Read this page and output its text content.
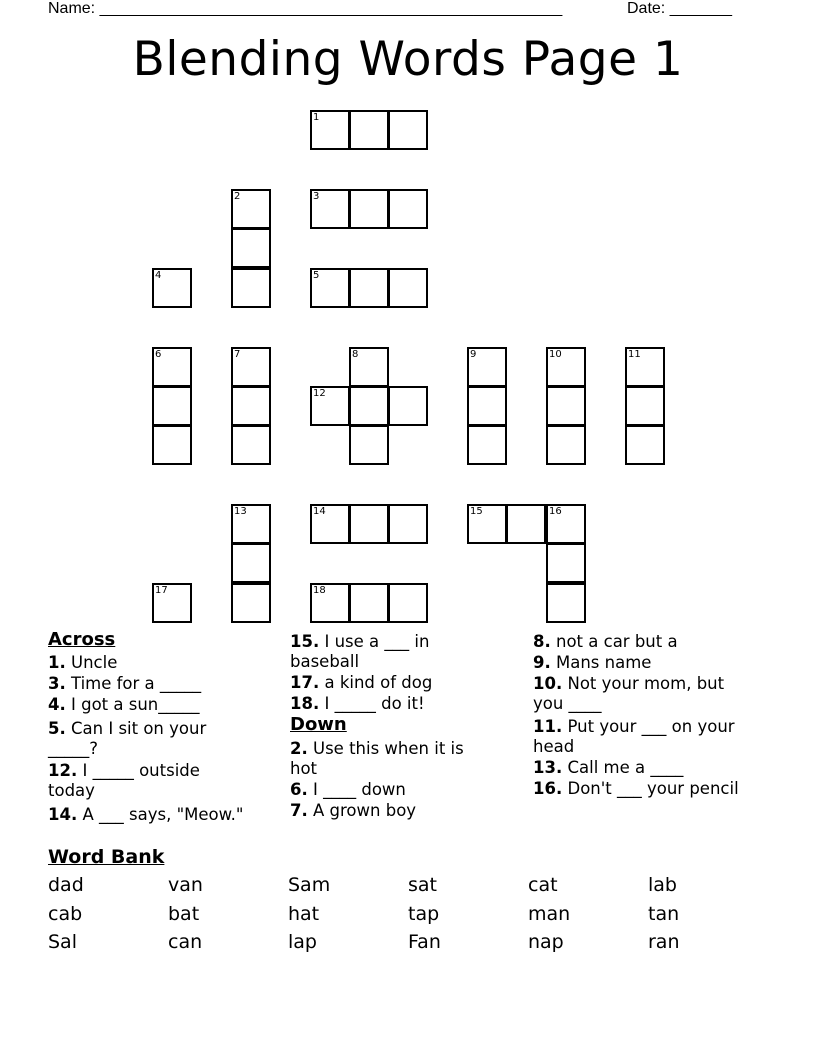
Name: ____________________________________________________	Date: _______
Blending Words Page 1
1
2	3
4	5
6	7	8	9	10	11
12
13	14	15	16
17	18
Across
1. Uncle
3. Time for a _____
4. I got a sun_____
5. Can I sit on your _____?
12. I _____ outside today
14. A ___ says, "Meow."
15. I use a ___ in baseball
17. a kind of dog
18. I _____ do it!
Down
2. Use this when it is hot
6. I ____ down
7. A grown boy
8. not a car but a
9. Mans name
10. Not your mom, but you ____
11. Put your ___ on your head
13. Call me a ____
16. Don't ___ your pencil
Word Bank
dad	van	Sam	sat	cat	lab
cab	bat	hat	tap	man	tan
Sal	can	lap	Fan	nap	ran
